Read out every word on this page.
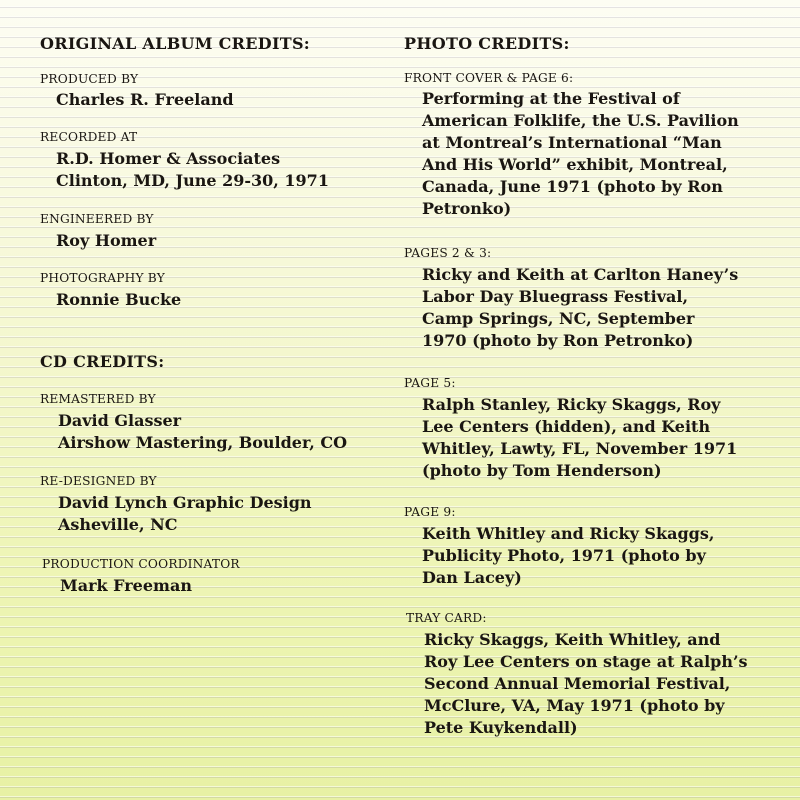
ORIGINAL ALBUM CREDITS:
PRODUCED BY
Charles R. Freeland
RECORDED AT
R.D. Homer & Associates
Clinton, MD, June 29-30, 1971
ENGINEERED BY
Roy Homer
PHOTOGRAPHY BY
Ronnie Bucke
CD CREDITS:
REMASTERED BY
David Glasser
Airshow Mastering, Boulder, CO
RE-DESIGNED BY
David Lynch Graphic Design
Asheville, NC
PRODUCTION COORDINATOR
Mark Freeman
PHOTO CREDITS:
FRONT COVER & PAGE 6:
Performing at the Festival of
American Folklife, the U.S. Pavilion
at Montreal’s International “Man
And His World” exhibit, Montreal,
Canada, June 1971 (photo by Ron
Petronko)
PAGES 2 & 3:
Ricky and Keith at Carlton Haney’s
Labor Day Bluegrass Festival,
Camp Springs, NC, September
1970 (photo by Ron Petronko)
PAGE 5:
Ralph Stanley, Ricky Skaggs, Roy
Lee Centers (hidden), and Keith
Whitley, Lawty, FL, November 1971
(photo by Tom Henderson)
PAGE 9:
Keith Whitley and Ricky Skaggs,
Publicity Photo, 1971 (photo by
Dan Lacey)
TRAY CARD:
Ricky Skaggs, Keith Whitley, and
Roy Lee Centers on stage at Ralph’s
Second Annual Memorial Festival,
McClure, VA, May 1971 (photo by
Pete Kuykendall)
